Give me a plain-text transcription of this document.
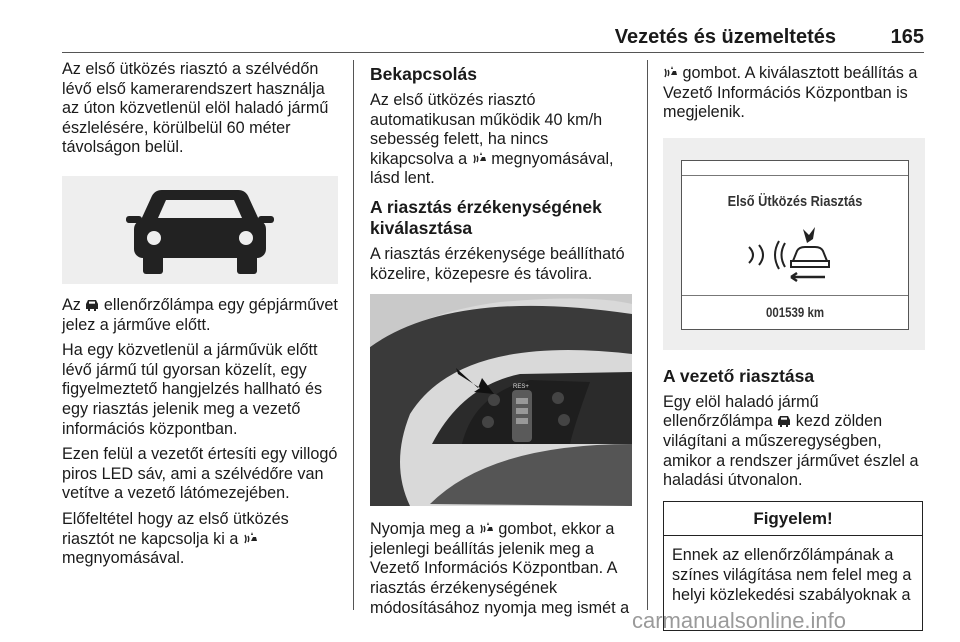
Vezetés és üzemeltetés	165

Az első ütközés riasztó a szélvédőn lévő első kamerarendszert használja az úton közvetlenül elöl haladó jármű észlelésére, körülbelül 60 méter távolságon belül.

Az ellenőrzőlámpa egy gépjárművet jelez a járműve előtt.

Ha egy közvetlenül a járművük előtt lévő jármű túl gyorsan közelít, egy figyelmeztető hangjelzés hallható és egy riasztás jelenik meg a vezető információs központban.

Ezen felül a vezetőt értesíti egy villogó piros LED sáv, ami a szélvédőre van vetítve a vezető látómezejében.

Előfeltétel hogy az első ütközés riasztót ne kapcsolja ki a  megnyomásával.

Bekapcsolás

Az első ütközés riasztó automatikusan működik 40 km/h sebesség felett, ha nincs kikapcsolva a megnyomásával, lásd lent.

A riasztás érzékenységének kiválasztása

A riasztás érzékenysége beállítható közelire, közepesre és távolira.

RES+
SET-

Nyomja meg a gombot, ekkor a jelenlegi beállítás jelenik meg a Vezető Információs Központban. A riasztás érzékenységének módosításához nyomja meg ismét a

gombot. A kiválasztott beállítás a Vezető Információs Központban is megjelenik.

Első Ütközés Riasztás
001539 km
A vezető riasztása

Egy elöl haladó jármű ellenőrzőlámpa kezd zölden világítani a műszeregységben, amikor a rendszer járművet észlel a haladási útvonalon.

Figyelem!
Ennek az ellenőrzőlámpának a színes világítása nem felel meg a helyi közlekedési szabályoknak a
carmanualsonline.info
